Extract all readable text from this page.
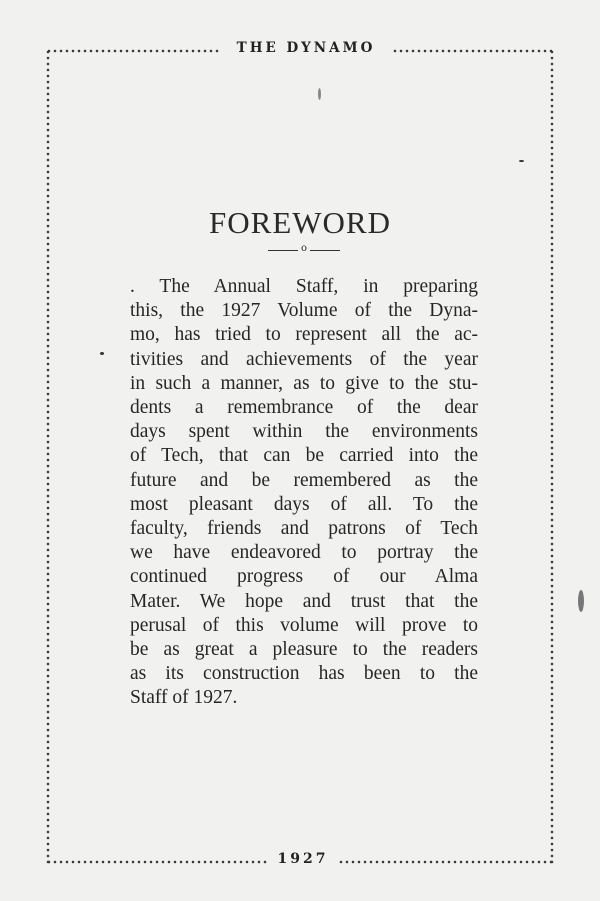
THE DYNAMO
1927
FOREWORD
o
. The Annual Staff, in preparing
this, the 1927 Volume of the Dyna-
mo, has tried to represent all the ac-
tivities and achievements of the year
in such a manner, as to give to the stu-
dents a remembrance of the dear
days spent within the environments
of Tech, that can be carried into the
future and be remembered as the
most pleasant days of all. To the
faculty, friends and patrons of Tech
we have endeavored to portray the
continued progress of our Alma
Mater. We hope and trust that the
perusal of this volume will prove to
be as great a pleasure to the readers
as its construction has been to the
Staff of 1927.
